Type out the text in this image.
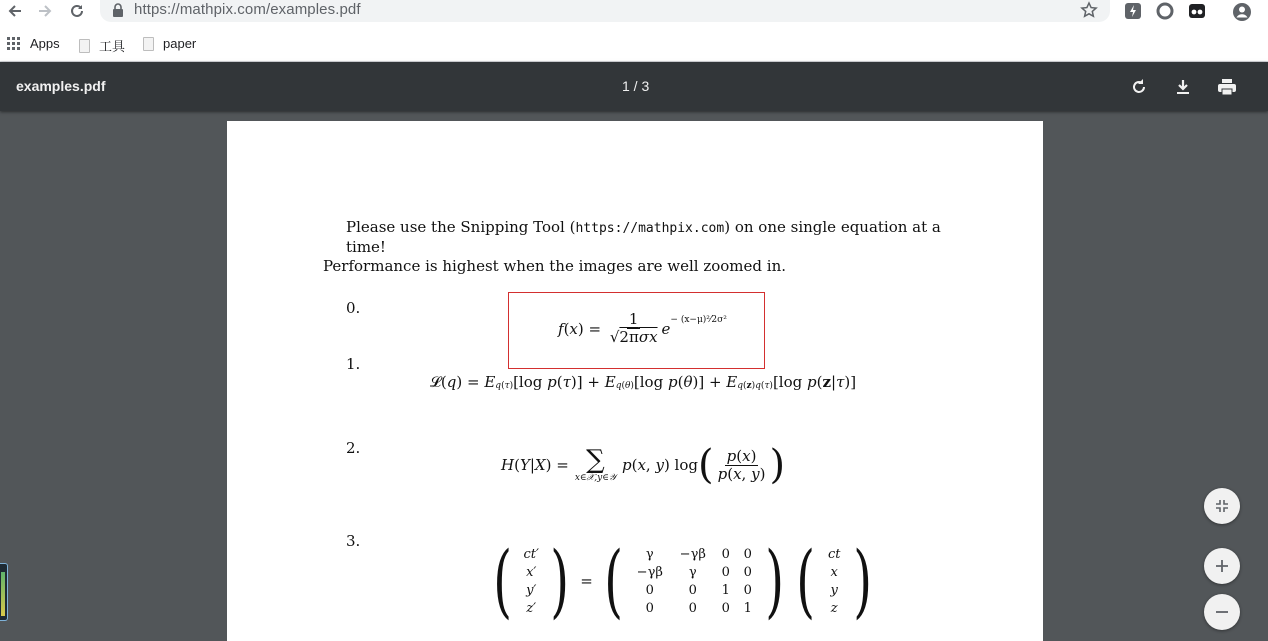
https://mathpix.com/examples.pdf
Apps	工具	paper
examples.pdf	1 / 3
Please use the Snipping Tool (https://mathpix.com) on one single equation at a time!
Performance is highest when the images are well zoomed in.
0.
f ( x ) = $\frac{1}{\text{√2πσx}}$ e − (x−μ)²⁄2σ²
1.
𝓛( q ) = E q(τ) [log p ( τ )] + E q(θ) [log p ( θ )] + E q(z)q(τ) [log p ( z | τ )]
2.
H ( Y | X ) = ∑
x∈𝒳,y∈𝒴
p ( x , y ) log ( $\frac{p(x)}{p(x, y)}$ )
3. ( ct′
x′
y′
z′ ) = (	γ	−γβ	0	0
−γβ	γ	0	0
0	0	1	0
0	0	0	1 ) ( ct
x
y
z )
